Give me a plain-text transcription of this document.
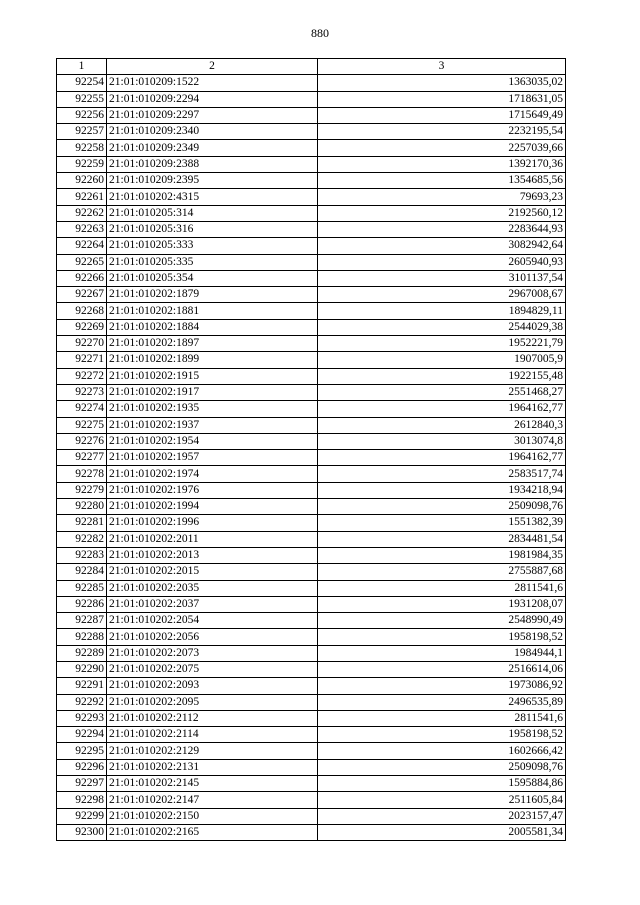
880
1	2	3
92254	21:01:010209:1522	1363035,02
92255	21:01:010209:2294	1718631,05
92256	21:01:010209:2297	1715649,49
92257	21:01:010209:2340	2232195,54
92258	21:01:010209:2349	2257039,66
92259	21:01:010209:2388	1392170,36
92260	21:01:010209:2395	1354685,56
92261	21:01:010202:4315	79693,23
92262	21:01:010205:314	2192560,12
92263	21:01:010205:316	2283644,93
92264	21:01:010205:333	3082942,64
92265	21:01:010205:335	2605940,93
92266	21:01:010205:354	3101137,54
92267	21:01:010202:1879	2967008,67
92268	21:01:010202:1881	1894829,11
92269	21:01:010202:1884	2544029,38
92270	21:01:010202:1897	1952221,79
92271	21:01:010202:1899	1907005,9
92272	21:01:010202:1915	1922155,48
92273	21:01:010202:1917	2551468,27
92274	21:01:010202:1935	1964162,77
92275	21:01:010202:1937	2612840,3
92276	21:01:010202:1954	3013074,8
92277	21:01:010202:1957	1964162,77
92278	21:01:010202:1974	2583517,74
92279	21:01:010202:1976	1934218,94
92280	21:01:010202:1994	2509098,76
92281	21:01:010202:1996	1551382,39
92282	21:01:010202:2011	2834481,54
92283	21:01:010202:2013	1981984,35
92284	21:01:010202:2015	2755887,68
92285	21:01:010202:2035	2811541,6
92286	21:01:010202:2037	1931208,07
92287	21:01:010202:2054	2548990,49
92288	21:01:010202:2056	1958198,52
92289	21:01:010202:2073	1984944,1
92290	21:01:010202:2075	2516614,06
92291	21:01:010202:2093	1973086,92
92292	21:01:010202:2095	2496535,89
92293	21:01:010202:2112	2811541,6
92294	21:01:010202:2114	1958198,52
92295	21:01:010202:2129	1602666,42
92296	21:01:010202:2131	2509098,76
92297	21:01:010202:2145	1595884,86
92298	21:01:010202:2147	2511605,84
92299	21:01:010202:2150	2023157,47
92300	21:01:010202:2165	2005581,34
